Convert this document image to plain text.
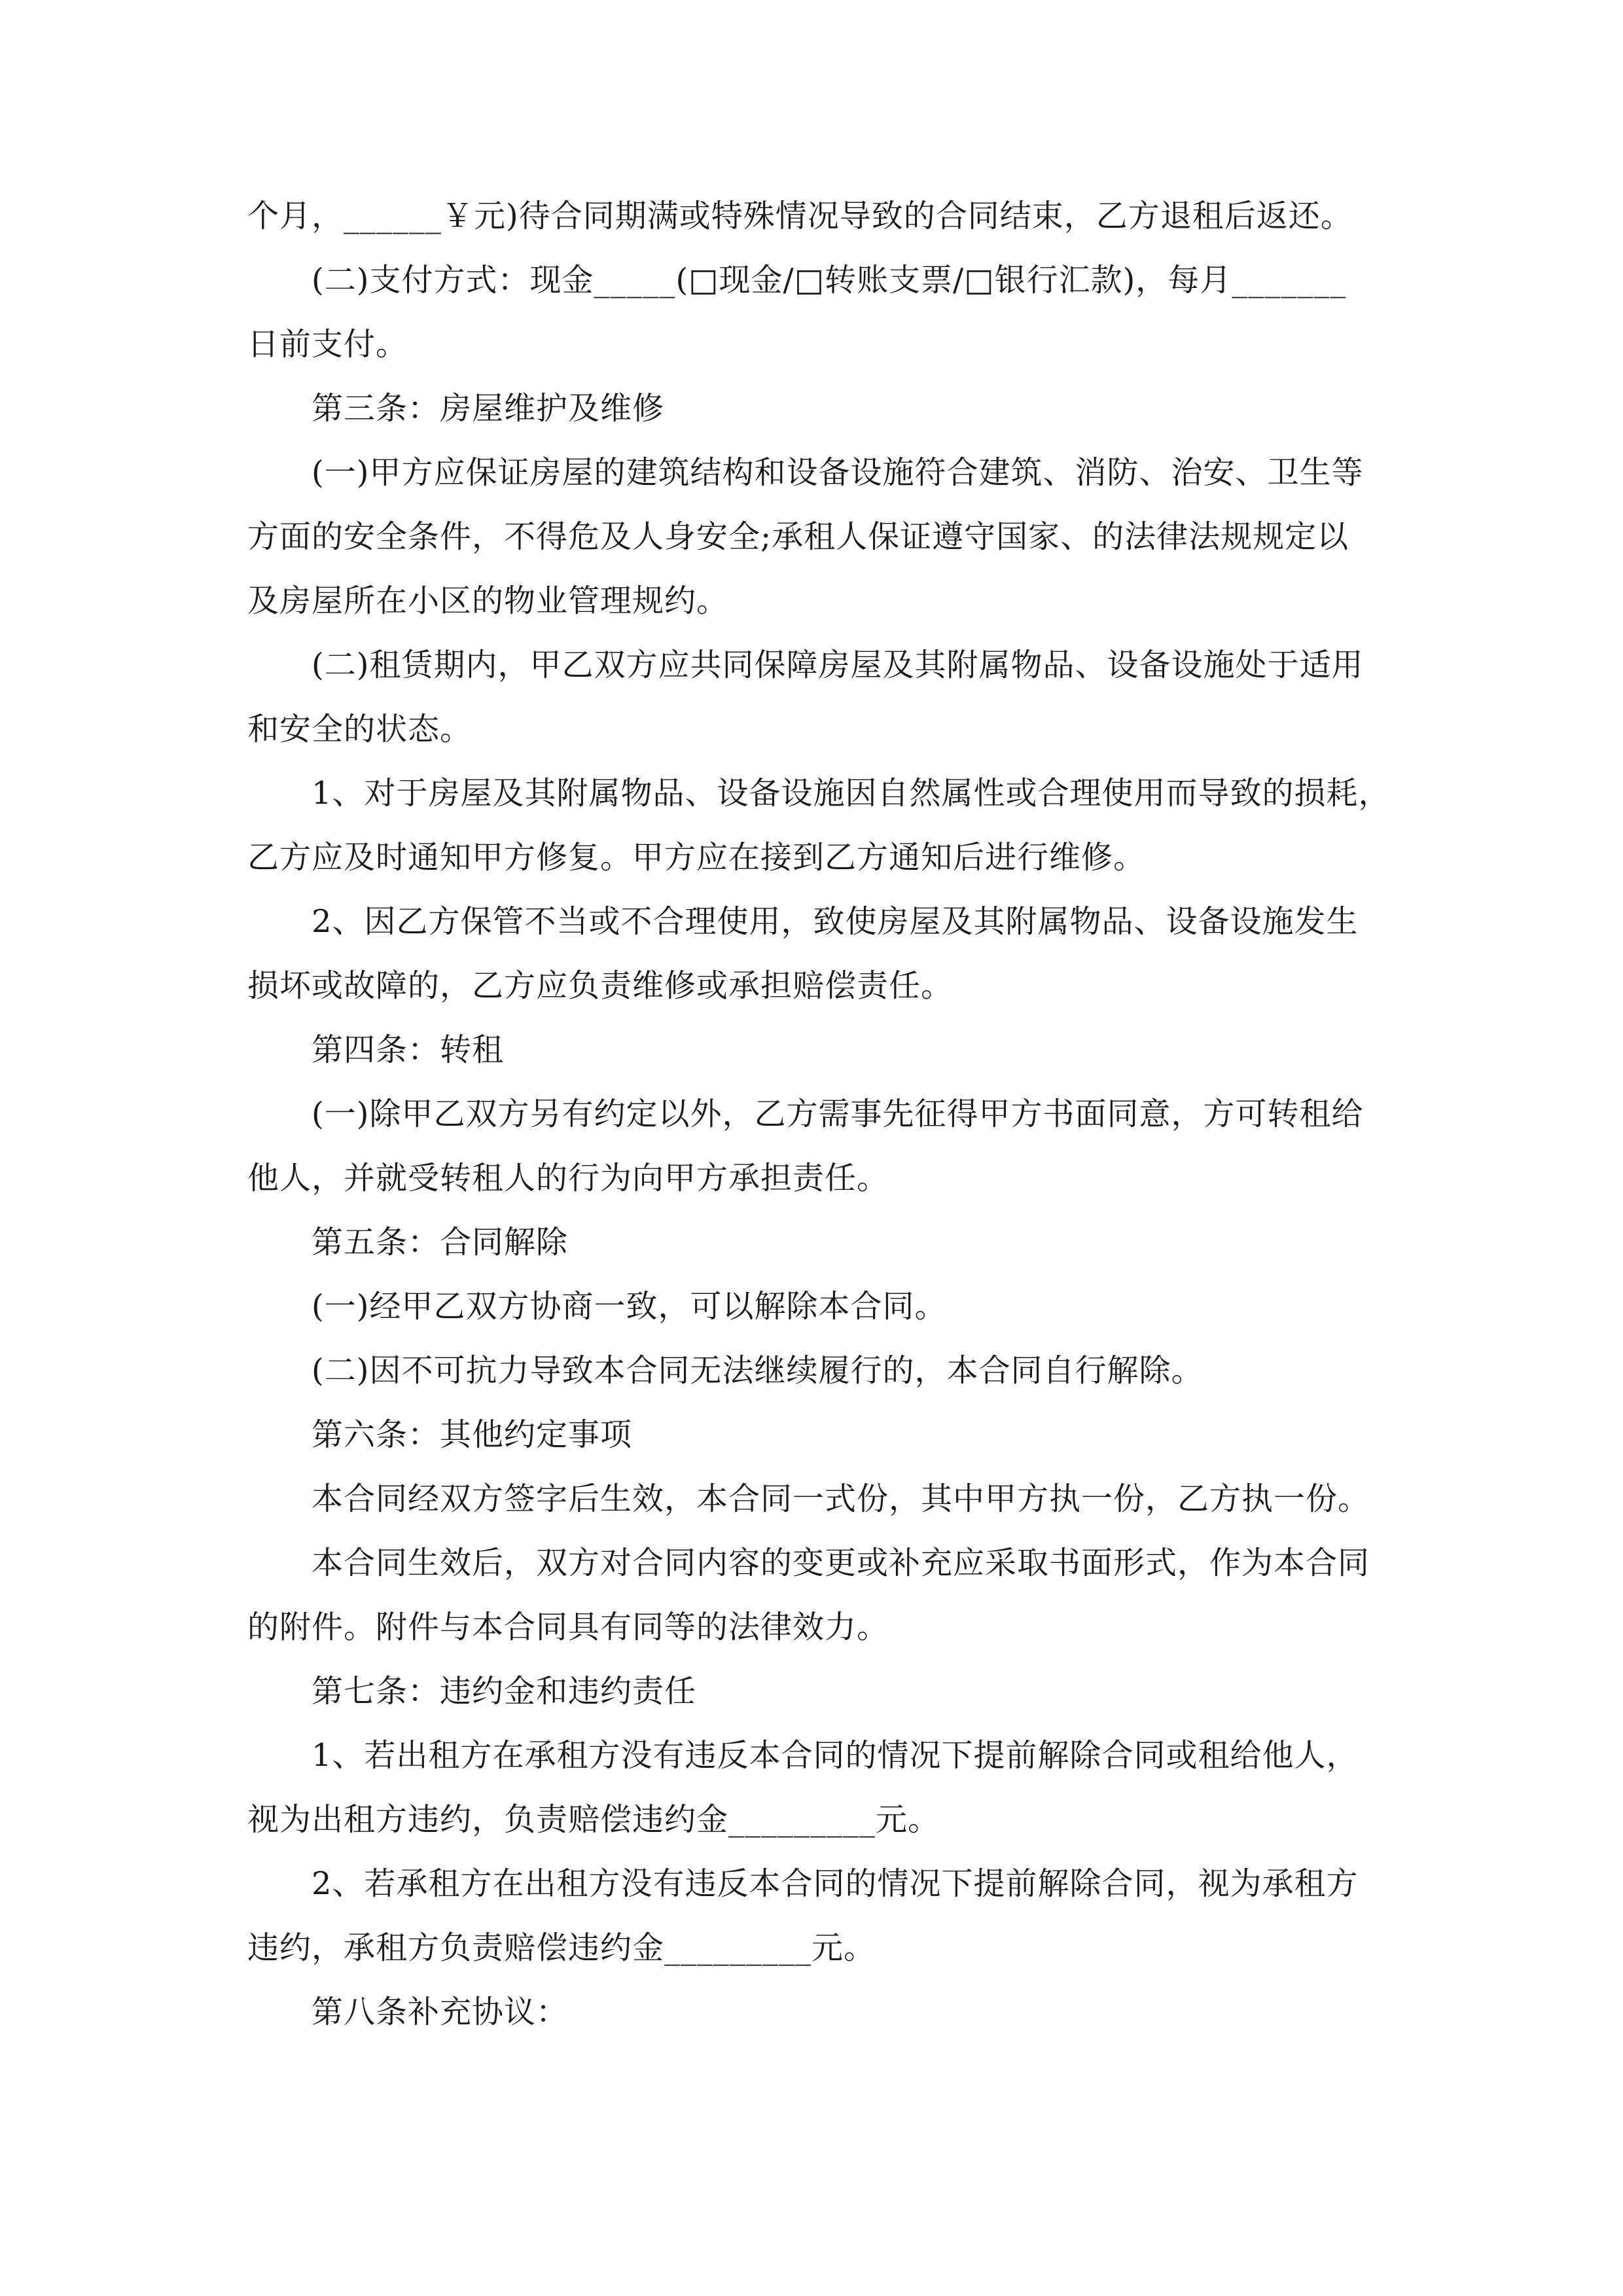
个月，______￥元)待合同期满或特殊情况导致的合同结束，乙方退租后返还。
(二)支付方式：现金_____(□现金/□转账支票/□银行汇款)，每月_______
日前支付。
第三条：房屋维护及维修
(一)甲方应保证房屋的建筑结构和设备设施符合建筑、消防、治安、卫生等
方面的安全条件，不得危及人身安全;承租人保证遵守国家、的法律法规规定以
及房屋所在小区的物业管理规约。
(二)租赁期内，甲乙双方应共同保障房屋及其附属物品、设备设施处于适用
和安全的状态。
1、对于房屋及其附属物品、设备设施因自然属性或合理使用而导致的损耗，
乙方应及时通知甲方修复。甲方应在接到乙方通知后进行维修。
2、因乙方保管不当或不合理使用，致使房屋及其附属物品、设备设施发生
损坏或故障的，乙方应负责维修或承担赔偿责任。
第四条：转租
(一)除甲乙双方另有约定以外，乙方需事先征得甲方书面同意，方可转租给
他人，并就受转租人的行为向甲方承担责任。
第五条：合同解除
(一)经甲乙双方协商一致，可以解除本合同。
(二)因不可抗力导致本合同无法继续履行的，本合同自行解除。
第六条：其他约定事项
本合同经双方签字后生效，本合同一式份，其中甲方执一份，乙方执一份。
本合同生效后，双方对合同内容的变更或补充应采取书面形式，作为本合同
的附件。附件与本合同具有同等的法律效力。
第七条：违约金和违约责任
1、若出租方在承租方没有违反本合同的情况下提前解除合同或租给他人，
视为出租方违约，负责赔偿违约金_________元。
2、若承租方在出租方没有违反本合同的情况下提前解除合同，视为承租方
违约，承租方负责赔偿违约金_________元。
第八条补充协议：
